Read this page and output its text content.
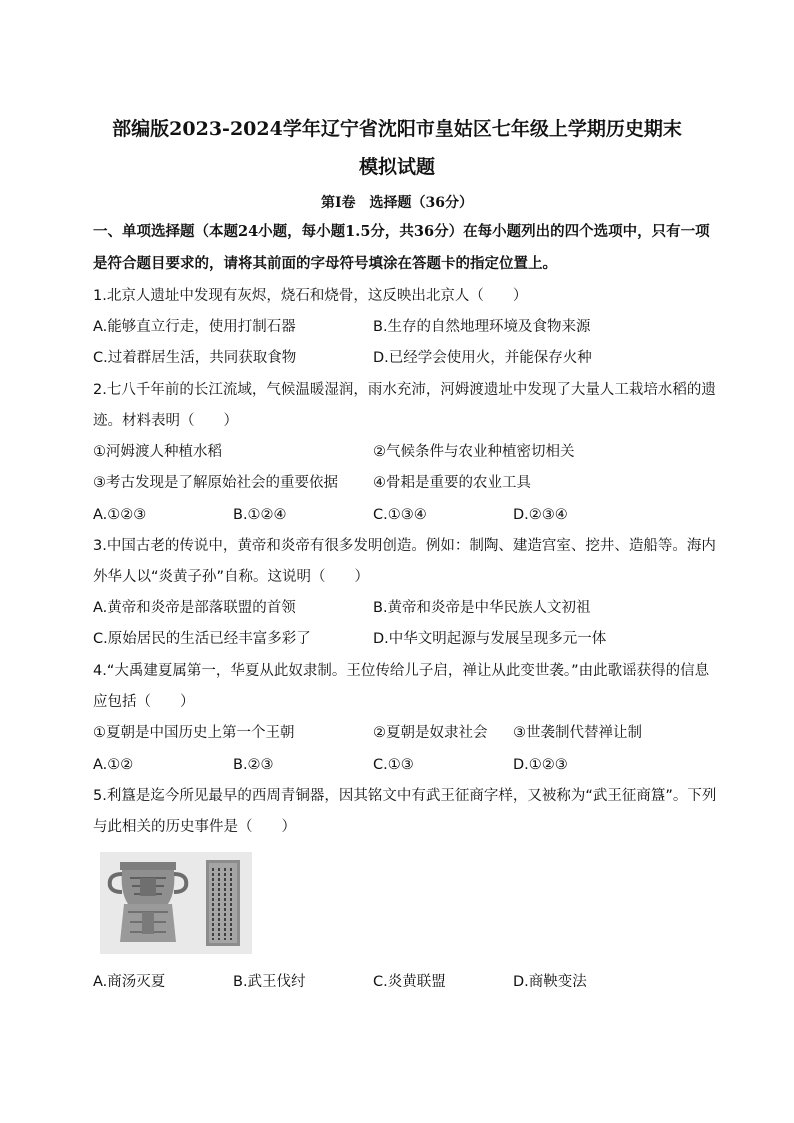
部编版2023-2024学年辽宁省沈阳市皇姑区七年级上学期历史期末
模拟试题
第Ⅰ卷　选择题（36分）
一、单项选择题（本题24小题，每小题1.5分，共36分）在每小题列出的四个选项中，只有一项
是符合题目要求的，请将其前面的字母符号填涂在答题卡的指定位置上。
1.北京人遗址中发现有灰烬，烧石和烧骨，这反映出北京人（　　）
A.能够直立行走，使用打制石器	B.生存的自然地理环境及食物来源
C.过着群居生活，共同获取食物	D.已经学会使用火，并能保存火种
2.七八千年前的长江流域，气候温暖湿润，雨水充沛，河姆渡遗址中发现了大量人工栽培水稻的遗
迹。材料表明（　　）
①河姆渡人种植水稻	②气候条件与农业种植密切相关
③考古发现是了解原始社会的重要依据 ④骨耜是重要的农业工具
A.①②③	B.①②④	C.①③④	D.②③④
3.中国古老的传说中，黄帝和炎帝有很多发明创造。例如：制陶、建造宫室、挖井、造船等。海内
外华人以“炎黄子孙”自称。这说明（　　）
A.黄帝和炎帝是部落联盟的首领	B.黄帝和炎帝是中华民族人文初祖
C.原始居民的生活已经丰富多彩了	D.中华文明起源与发展呈现多元一体
4.“大禹建夏属第一，华夏从此奴隶制。王位传给儿子启，禅让从此变世袭。”由此歌谣获得的信息
应包括（　　）
①夏朝是中国历史上第一个王朝	②夏朝是奴隶社会 ③世袭制代替禅让制
A.①②	B.②③	C.①③	D.①②③
5.利簋是迄今所见最早的西周青铜器，因其铭文中有武王征商字样，又被称为“武王征商簋”。下列
与此相关的历史事件是（　　）
A.商汤灭夏	B.武王伐纣	C.炎黄联盟	D.商鞅变法
